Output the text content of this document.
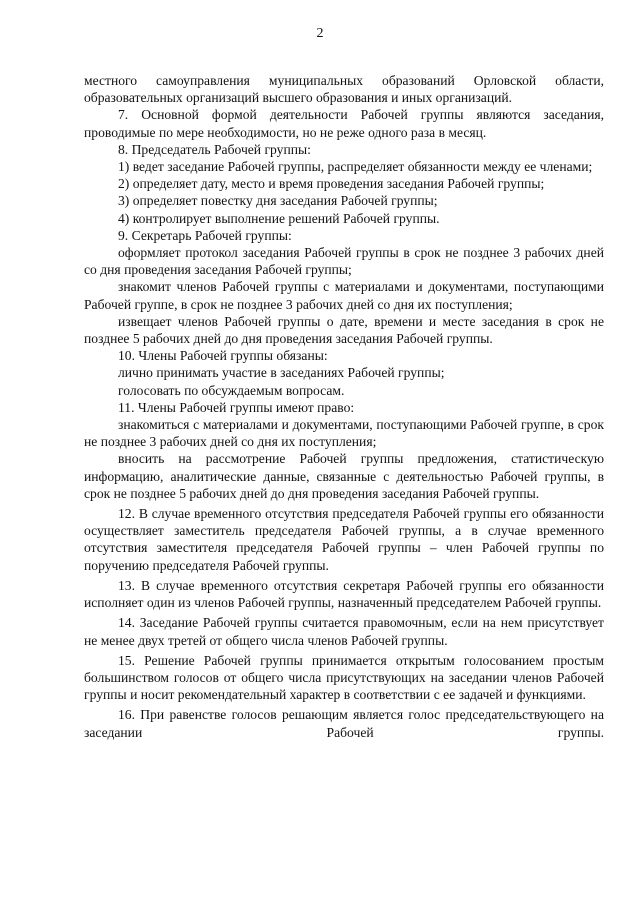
2

местного самоуправления муниципальных образований Орловской области, образовательных организаций высшего образования и иных организаций.

7. Основной формой деятельности Рабочей группы являются заседания, проводимые по мере необходимости, но не реже одного раза в месяц.

8. Председатель Рабочей группы:

1) ведет заседание Рабочей группы, распределяет обязанности между ее членами;

2) определяет дату, место и время проведения заседания Рабочей группы;

3) определяет повестку дня заседания Рабочей группы;

4) контролирует выполнение решений Рабочей группы.

9. Секретарь Рабочей группы:

оформляет протокол заседания Рабочей группы в срок не позднее 3 рабочих дней со дня проведения заседания Рабочей группы;

знакомит членов Рабочей группы с материалами и документами, поступающими Рабочей группе, в срок не позднее 3 рабочих дней со дня их поступления;

извещает членов Рабочей группы о дате, времени и месте заседания в срок не позднее 5 рабочих дней до дня проведения заседания Рабочей группы.

10. Члены Рабочей группы обязаны:

лично принимать участие в заседаниях Рабочей группы;

голосовать по обсуждаемым вопросам.

11. Члены Рабочей группы имеют право:

знакомиться с материалами и документами, поступающими Рабочей группе, в срок не позднее 3 рабочих дней со дня их поступления;

вносить на рассмотрение Рабочей группы предложения, статистическую информацию, аналитические данные, связанные с деятельностью Рабочей группы, в срок не позднее 5 рабочих дней до дня проведения заседания Рабочей группы.

12. В случае временного отсутствия председателя Рабочей группы его обязанности осуществляет заместитель председателя Рабочей группы, а в случае временного отсутствия заместителя председателя Рабочей группы – член Рабочей группы по поручению председателя Рабочей группы.

13. В случае временного отсутствия секретаря Рабочей группы его обязанности исполняет один из членов Рабочей группы, назначенный председателем Рабочей группы.

14. Заседание Рабочей группы считается правомочным, если на нем присутствует не менее двух третей от общего числа членов Рабочей группы.

15. Решение Рабочей группы принимается открытым голосованием простым большинством голосов от общего числа присутствующих на заседании членов Рабочей группы и носит рекомендательный характер в соответствии с ее задачей и функциями.

16. При равенстве голосов решающим является голос председательствующего на заседании Рабочей группы.
